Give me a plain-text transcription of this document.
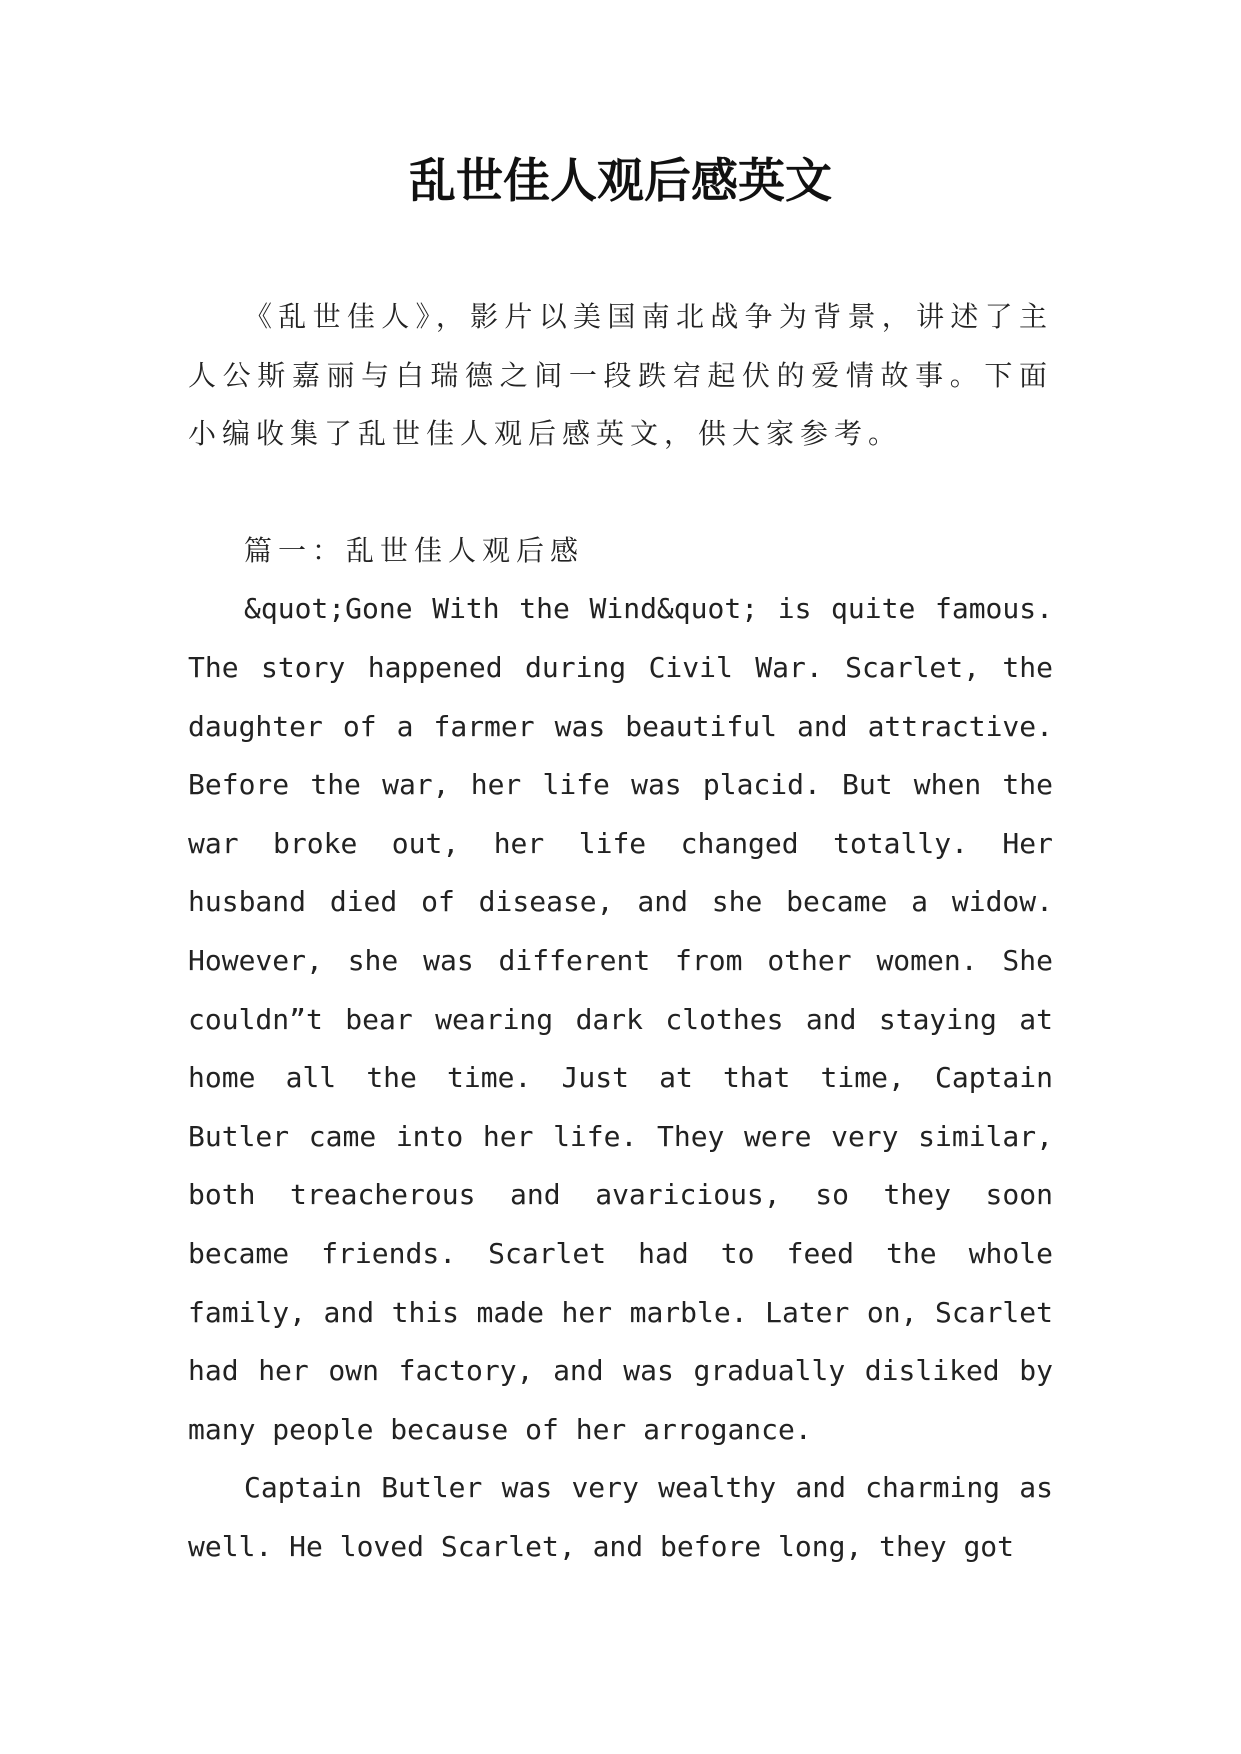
乱世佳人观后感英文

《乱世佳人》，影片以美国南北战争为背景，讲述了主人公斯嘉丽与白瑞德之间一段跌宕起伏的爱情故事。下面小编收集了乱世佳人观后感英文，供大家参考。

篇一：乱世佳人观后感

&quot;Gone With the Wind&quot; is quite famous. The story happened during Civil War. Scarlet, the daughter of a farmer was beautiful and attractive. Before the war, her life was placid. But when the war broke out, her life changed totally. Her husband died of disease, and she became a widow. However, she was different from other women. She couldn”t bear wearing dark clothes and staying at home all the time. Just at that time, Captain Butler came into her life. They were very similar, both treacherous and avaricious, so they soon became friends. Scarlet had to feed the whole family, and this made her marble. Later on, Scarlet had her own factory, and was gradually disliked by many people because of her arrogance.

Captain Butler was very wealthy and charming as well. He loved Scarlet, and before long, they got
